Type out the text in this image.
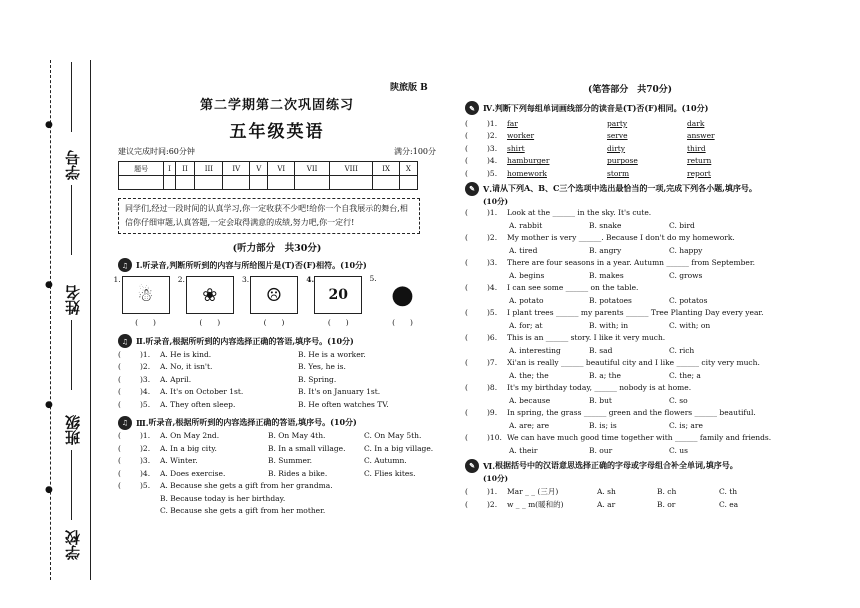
●
●
●
●
学号
姓名
班级
学校
陕旅版 B
第二学期第二次巩固练习
五年级英语
建议完成时间:60分钟	满分:100分
题号	I	II	III	IV	V	VI	VII	VIII	IX	X

同学们,经过一段时间的认真学习,你一定收获不少吧!给你一个自我展示的舞台,相信你仔细审题,认真答题,一定会取得满意的成绩,努力吧,你一定行!
(听力部分　共30分)
♫ Ⅰ. 听录音,判断所听到的内容与所给图片是(T)否(F)相符。(10分)
1.
☃
(　　)
2.
❀
(　　)
3.
☹
(　　)
4.
20
(　　)
5.
●
(　　)
♫ Ⅱ. 听录音,根据所听到的内容选择正确的答语,填序号。(10分)
(	)1.	A. He is kind.	B. He is a worker.
(	)2.	A. No, it isn't.	B. Yes, he is.
(	)3.	A. April.	B. Spring.
(	)4.	A. It's on October 1st.	B. It's on January 1st.
(	)5.	A. They often sleep.	B. He often watches TV.
♫ Ⅲ. 听录音,根据所听到的内容选择正确的答语,填序号。(10分)
(	)1.	A. On May 2nd.	B. On May 4th.	C. On May 5th.
(	)2.	A. In a big city.	B. In a small village.	C. In a big village.
(	)3.	A. Winter.	B. Summer.	C. Autumn.
(	)4.	A. Does exercise.	B. Rides a bike.	C. Flies kites.
(	)5.	A. Because she gets a gift from her grandma.
B. Because today is her birthday.
C. Because she gets a gift from her mother.
(笔答部分　共70分)
✎	Ⅳ. 判断下列每组单词画线部分的读音是(T)否(F)相同。(10分)
(	)1.	far	party	dark
(	)2.	worker	serve	answer
(	)3.	shirt	dirty	third
(	)4.	hamburger	purpose	return
(	)5.	homework	storm	report
✎	Ⅴ. 请从下列A、B、C三个选项中选出最恰当的一项,完成下列各小题,填序号。
(10分)
(	)1.	Look at the ______ in the sky. It's cute.
A. rabbit	B. snake	C. bird
(	)2.	My mother is very ______. Because I don't do my homework.
A. tired	B. angry	C. happy
(	)3.	There are four seasons in a year. Autumn ______ from September.
A. begins	B. makes	C. grows
(	)4.	I can see some ______ on the table.
A. potato	B. potatoes	C. potatos
(	)5.	I plant trees ______ my parents ______ Tree Planting Day every year.
A. for; at	B. with; in	C. with; on
(	)6.	This is an ______ story. I like it very much.
A. interesting	B. sad	C. rich
(	)7.	Xi'an is really ______ beautiful city and I like ______ city very much.
A. the; the	B. a; the	C. the; a
(	)8.	It's my birthday today, ______ nobody is at home.
A. because	B. but	C. so
(	)9.	In spring, the grass ______ green and the flowers ______ beautiful.
A. are; are	B. is; is	C. is; are
(	)10. We can have much good time together with ______ family and friends.
A. their	B. our	C. us
✎	Ⅵ. 根据括号中的汉语意思选择正确的字母或字母组合补全单词,填序号。
(10分)
(	)1.	Mar _ _ (三月)	A. sh	B. ch	C. th
(	)2.	w _ _ m(暖和的)	A. ar	B. or	C. ea
